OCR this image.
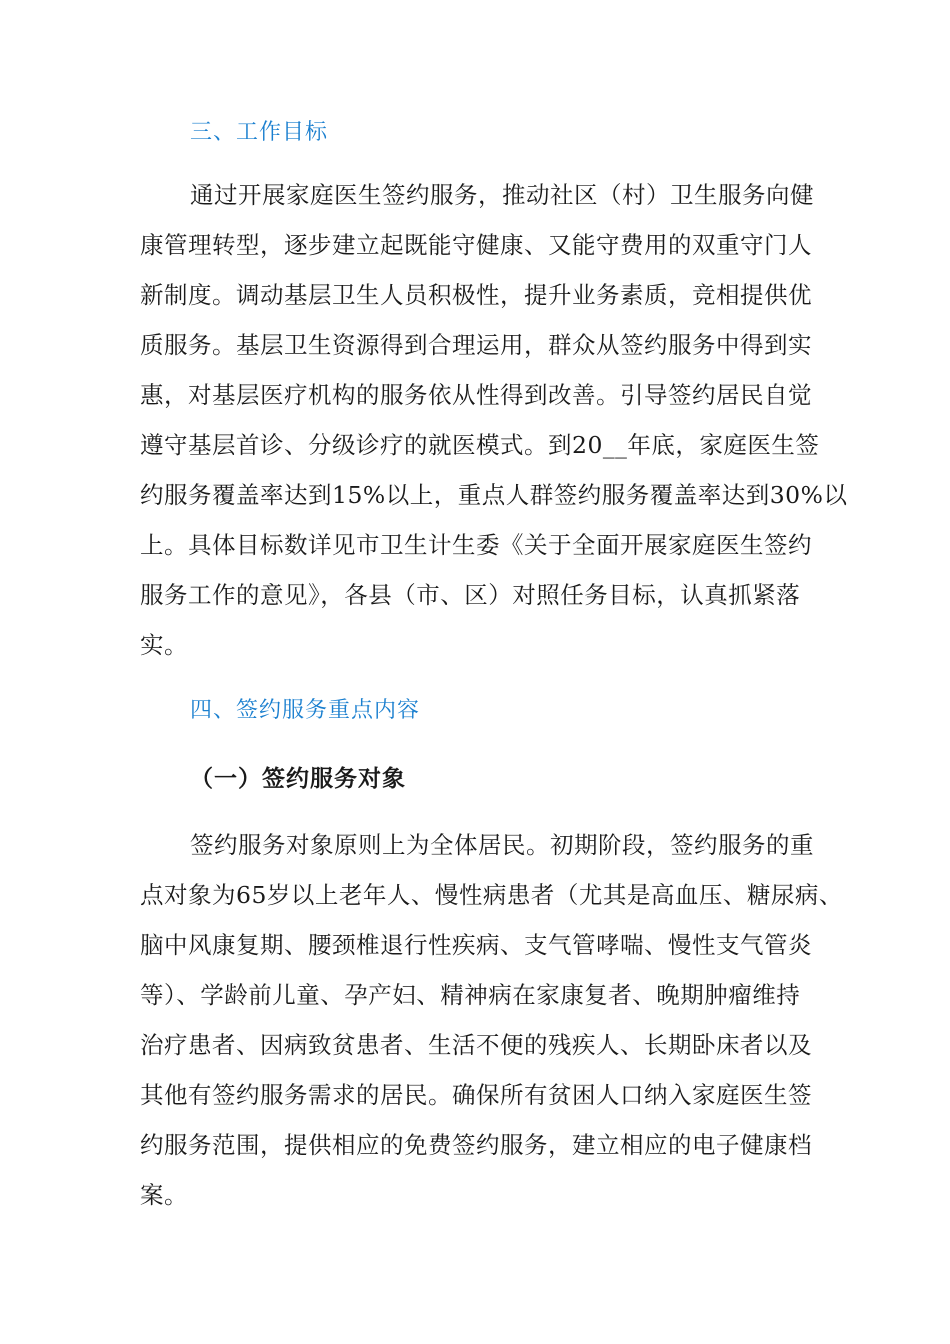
三、工作目标
通过开展家庭医生签约服务，推动社区（村）卫生服务向健
康管理转型，逐步建立起既能守健康、又能守费用的双重守门人
新制度。调动基层卫生人员积极性，提升业务素质，竞相提供优
质服务。基层卫生资源得到合理运用，群众从签约服务中得到实
惠，对基层医疗机构的服务依从性得到改善。引导签约居民自觉
遵守基层首诊、分级诊疗的就医模式。到20__年底，家庭医生签
约服务覆盖率达到15%以上，重点人群签约服务覆盖率达到30%以
上。具体目标数详见市卫生计生委《关于全面开展家庭医生签约
服务工作的意见》，各县（市、区）对照任务目标，认真抓紧落
实。
四、签约服务重点内容
（一）签约服务对象
签约服务对象原则上为全体居民。初期阶段，签约服务的重
点对象为65岁以上老年人、慢性病患者（尤其是高血压、糖尿病、
脑中风康复期、腰颈椎退行性疾病、支气管哮喘、慢性支气管炎
等）、学龄前儿童、孕产妇、精神病在家康复者、晚期肿瘤维持
治疗患者、因病致贫患者、生活不便的残疾人、长期卧床者以及
其他有签约服务需求的居民。确保所有贫困人口纳入家庭医生签
约服务范围，提供相应的免费签约服务，建立相应的电子健康档
案。
